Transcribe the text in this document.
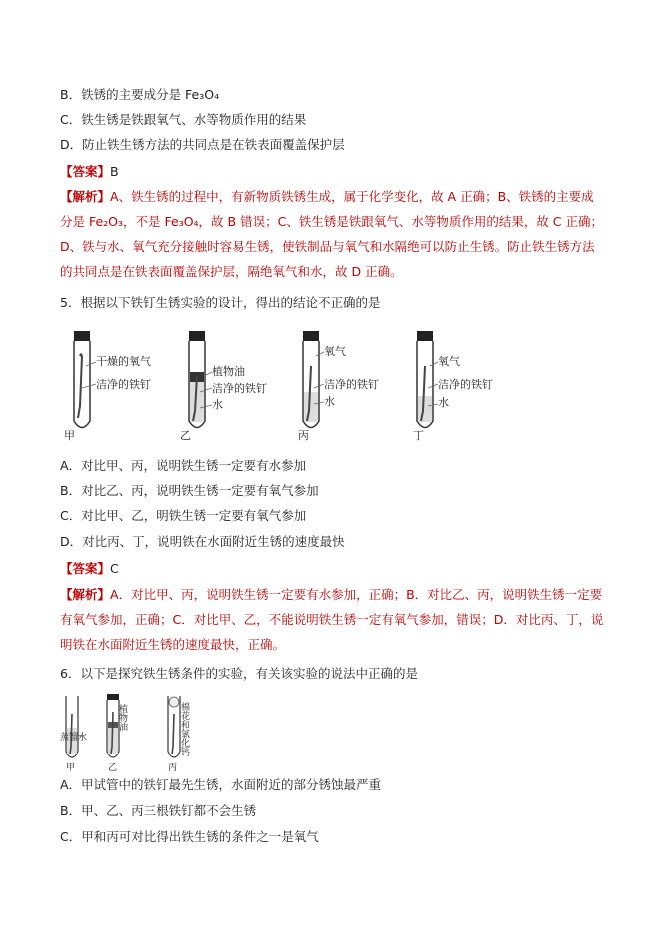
B．铁锈的主要成分是 Fe₃O₄
C．铁生锈是铁跟氧气、水等物质作用的结果
D．防止铁生锈方法的共同点是在铁表面覆盖保护层
【答案】B
【解析】A、铁生锈的过程中，有新物质铁锈生成，属于化学变化，故 A 正确；B、铁锈的主要成分是 Fe₂O₃，不是 Fe₃O₄，故 B 错误；C、铁生锈是铁跟氧气、水等物质作用的结果，故 C 正确；D、铁与水、氧气充分接触时容易生锈，使铁制品与氧气和水隔绝可以防止生锈。防止铁生锈方法的共同点是在铁表面覆盖保护层，隔绝氧气和水，故 D 正确。
5．根据以下铁钉生锈实验的设计，得出的结论不正确的是
干燥的氧气
洁净的铁钉
甲
植物油
洁净的铁钉
水
乙
氧气
洁净的铁钉
水
丙
氧气
洁净的铁钉
水
丁
A．对比甲、丙，说明铁生锈一定要有水参加
B．对比乙、丙，说明铁生锈一定要有氧气参加
C．对比甲、乙，明铁生锈一定要有氧气参加
D．对比丙、丁，说明铁在水面附近生锈的速度最快
【答案】C
【解析】A．对比甲、丙，说明铁生锈一定要有水参加，正确；B．对比乙、丙，说明铁生锈一定要有氧气参加，正确；C．对比甲、乙，不能说明铁生锈一定有氧气参加，错误；D．对比丙、丁，说明铁在水面附近生锈的速度最快，正确。
6．以下是探究铁生锈条件的实验，有关该实验的说法中正确的是
蒸馏水
甲
植物油
乙
棉花和氯化钙
丙
A．甲试管中的铁钉最先生锈，水面附近的部分锈蚀最严重
B．甲、乙、丙三根铁钉都不会生锈
C．甲和丙可对比得出铁生锈的条件之一是氧气
